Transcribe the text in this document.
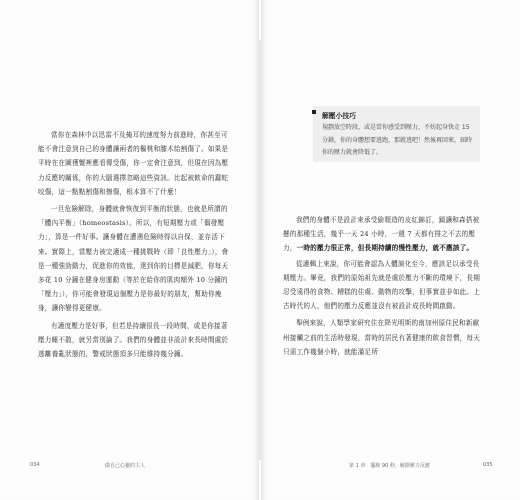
當你在森林中以迅雷不及掩耳的速度努力前進時，你甚至可能不會注意到自己的身體讓兩者的樞桃和膝木給割傷了。如果是平時在在圖獲蟹裡應看傳受傷，你一定會注意到，但現在因為壓力反應的關係，你的大腦選擇忽略這些資訊。比起被飲命的蠢蛇咬傷，這一點點割傷和擦傷，根本算不了什麼！

一旦危險解除，身體就會恢復到平衡的狀態，也就是所謂的「體內平衡」（homeostasis）。所以，有短期壓力或「偶發壓力」，算是一件好事。讓身體在遭遇危險時得以自保，並存活下來。實際上，當壓力被完適成一種挑戰時（即「良性壓力」），會是一種強勁動力，促進你的效能，達到你的目標是減肥，你每天多花 10 分鐘在健身房運動（等於在給你的肌肉額外 10 分鐘的「壓力」），你可能會發現這個壓力是你最好的朋友，幫助你瘦身，讓你變得更健康。

有適度壓力是好事，但若是持續很長一段時間，或是你接著壓力睡不散，就另當別論了。我們的身體並非設計來長時間處於逃離養亂狀態的，警戒狀態頂多只能維持幾分鐘。

034	做自己心靈的主人
解壓小技巧
規劃放空時段，或是當你感受到壓力，不妨起身快走 15 分鐘，你的身體想要逃跑，那就逃吧！然後再回來，屆時你的壓力就會降低了。

我們的身體不是設計來承受偷頹造的皮紅錦訂，鎖讓和森搭被懸的那種生活，幾乎一天 24 小時，一週 7 天都有排之不去的壓力，一時的壓力很正常，但長期持續的慢性壓力，就不應該了。

從適輯上來說，你可能會認為人體演化至今，應該足以承受長期壓力。畢竟，我們的原始祖先就是處於壓力不斷的環境下，長期忍受遠得的食物、糟糕的住處、動物的攻擊，但事實並非如此。上古時代的人，他們的壓力反應並沒有被設計成長時間啟動。

舉例來說，人類學家研究住在降光明斯的南加州原住民和新歐州接觸之前的生活時發現，當時的居民有著健康的飲食習慣，每天只需工作幾個小時，就能滿足所

第 1 章　擺脫 90 秒，解除壓力反應	035
